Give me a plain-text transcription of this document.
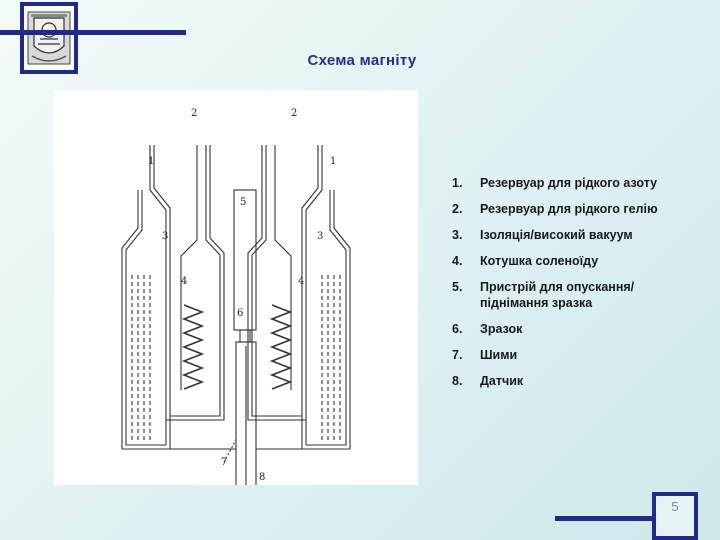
Схема магніту
1	1
2	2
3	3
4	4
5
6
7
8
1. Резервуар для рідкого азоту
2. Резервуар для рідкого гелію
3. Ізоляція/високий вакуум
4. Котушка соленоїду
5. Пристрій для опускання/піднімання зразка
6. Зразок
7. Шими
8. Датчик
5
